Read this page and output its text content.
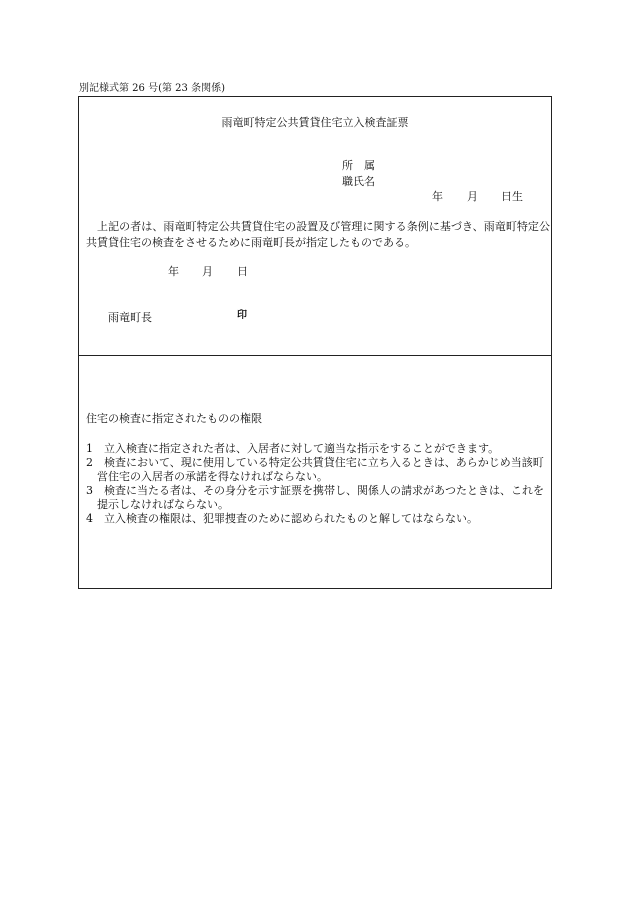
別記様式第 26 号(第 23 条関係)
雨竜町特定公共賃貸住宅立入検査証票
所　属
職氏名
年 月 日生
　上記の者は、雨竜町特定公共賃貸住宅の設置及び管理に関する条例に基づき、雨竜町特定公共賃貸住宅の検査をさせるために雨竜町長が指定したものである。
年 月 日
雨竜町長	印
住宅の検査に指定されたものの権限
1　立入検査に指定された者は、入居者に対して適当な指示をすることができます。
2　検査において、現に使用している特定公共賃貸住宅に立ち入るときは、あらかじめ当該町営住宅の入居者の承諾を得なければならない。
3　検査に当たる者は、その身分を示す証票を携帯し、関係人の請求があつたときは、これを提示しなければならない。
4　立入検査の権限は、犯罪捜査のために認められたものと解してはならない。
